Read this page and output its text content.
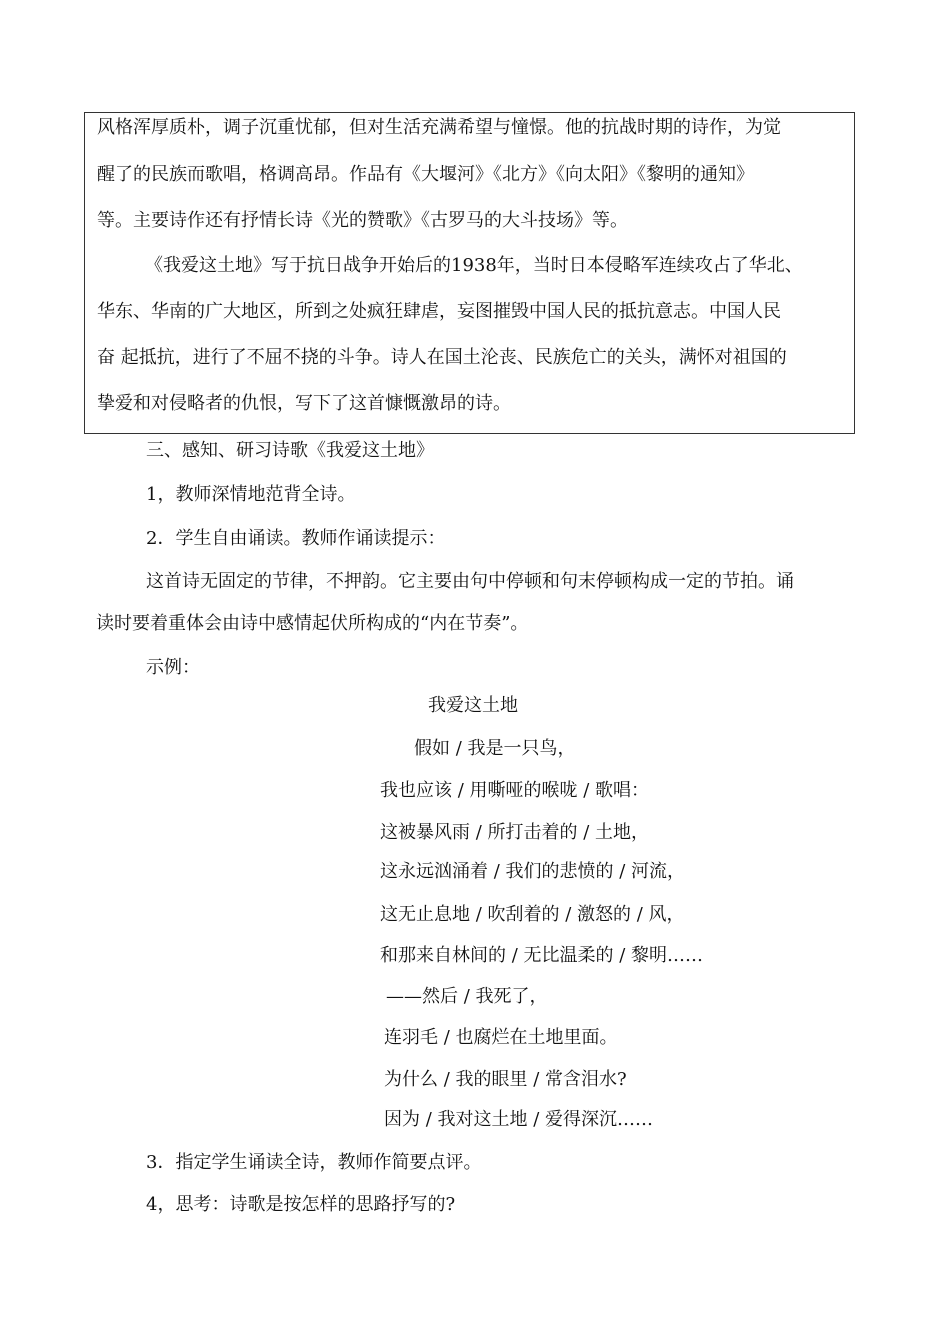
风格浑厚质朴，调子沉重忧郁，但对生活充满希望与憧憬。他的抗战时期的诗作，为觉
醒了的民族而歌唱，格调高昂。作品有《大堰河》《北方》《向太阳》《黎明的通知》
等。主要诗作还有抒情长诗《光的赞歌》《古罗马的大斗技场》等。
《我爱这土地》写于抗日战争开始后的1938年，当时日本侵略军连续攻占了华北、
华东、华南的广大地区，所到之处疯狂肆虐，妄图摧毁中国人民的抵抗意志。中国人民
奋 起抵抗，进行了不屈不挠的斗争。诗人在国土沦丧、民族危亡的关头，满怀对祖国的
挚爱和对侵略者的仇恨，写下了这首慷慨激昂的诗。
三、感知、研习诗歌《我爱这土地》
1，教师深情地范背全诗。
2．学生自由诵读。教师作诵读提示：
这首诗无固定的节律，不押韵。它主要由句中停顿和句末停顿构成一定的节拍。诵
读时要着重体会由诗中感情起伏所构成的“内在节奏”。
示例：
我爱这土地
假如 / 我是一只鸟，
我也应该 / 用嘶哑的喉咙 / 歌唱：
这被暴风雨 / 所打击着的 / 土地，
这永远汹涌着 / 我们的悲愤的 / 河流，
这无止息地 / 吹刮着的 / 激怒的 / 风，
和那来自林间的 / 无比温柔的 / 黎明……
——然后 / 我死了，
连羽毛 / 也腐烂在土地里面。
为什么 / 我的眼里 / 常含泪水?
因为 / 我对这土地 / 爱得深沉……
3．指定学生诵读全诗，教师作简要点评。
4，思考：诗歌是按怎样的思路抒写的?
